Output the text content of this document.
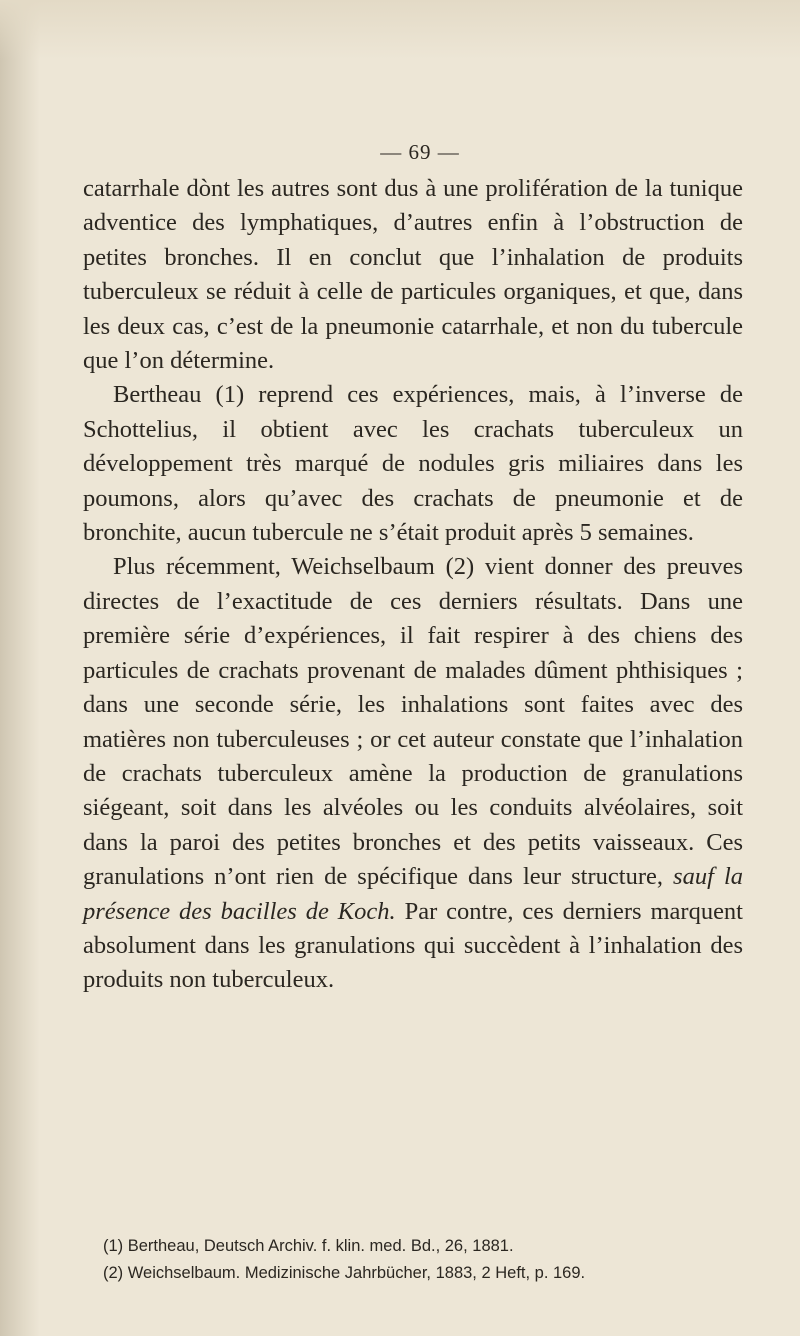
— 69 —

catarrhale dònt les autres sont dus à une prolifération de la tunique adventice des lymphatiques, d’autres enfin à l’obstruction de petites bronches. Il en conclut que l’inhalation de produits tuberculeux se réduit à celle de particules organiques, et que, dans les deux cas, c’est de la pneumonie catarrhale, et non du tubercule que l’on détermine.

Bertheau (1) reprend ces expériences, mais, à l’inverse de Schottelius, il obtient avec les crachats tuberculeux un développement très marqué de nodules gris miliaires dans les poumons, alors qu’avec des crachats de pneumonie et de bronchite, aucun tubercule ne s’était produit après 5 semaines.

Plus récemment, Weichselbaum (2) vient donner des preuves directes de l’exactitude de ces derniers résultats. Dans une première série d’expériences, il fait respirer à des chiens des particules de crachats provenant de malades dûment phthisiques ; dans une seconde série, les inhalations sont faites avec des matières non tuberculeuses ; or cet auteur constate que l’inhalation de crachats tuberculeux amène la production de granulations siégeant, soit dans les alvéoles ou les conduits alvéolaires, soit dans la paroi des petites bronches et des petits vaisseaux. Ces granulations n’ont rien de spécifique dans leur structure, sauf la présence des bacilles de Koch. Par contre, ces derniers marquent absolument dans les granulations qui succèdent à l’inhalation des produits non tuberculeux.

(1) Bertheau, Deutsch Archiv. f. klin. med. Bd., 26, 1881.

(2) Weichselbaum. Medizinische Jahrbücher, 1883, 2 Heft, p. 169.
